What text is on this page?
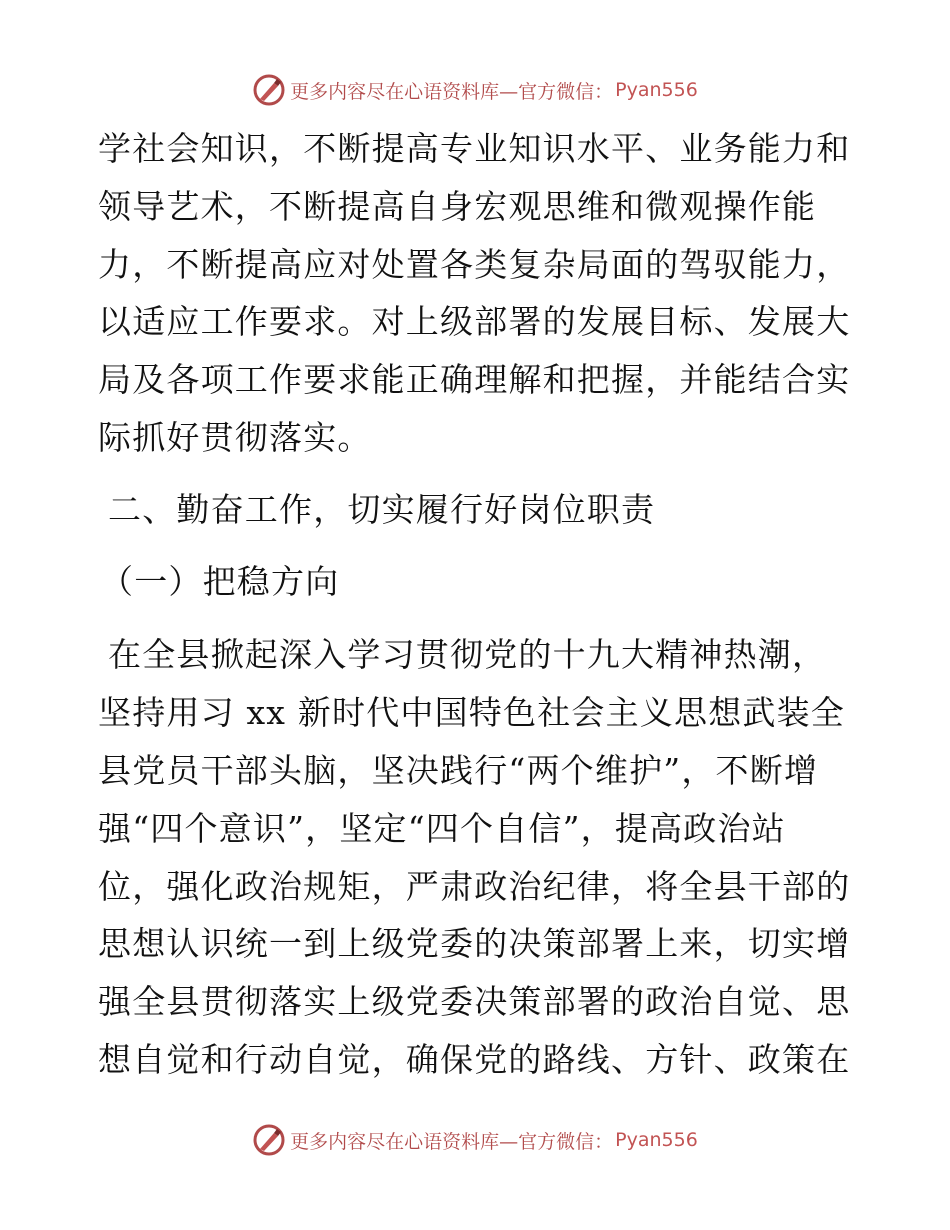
更多内容尽在心语资料库—官方微信： Pyan556
学社会知识，不断提高专业知识水平、业务能力和
领导艺术，不断提高自身宏观思维和微观操作能
力，不断提高应对处置各类复杂局面的驾驭能力，
以适应工作要求。对上级部署的发展目标、发展大
局及各项工作要求能正确理解和把握，并能结合实
际抓好贯彻落实。
二、勤奋工作，切实履行好岗位职责
（一）把稳方向
在全县掀起深入学习贯彻党的十九大精神热潮，
坚持用习 xx 新时代中国特色社会主义思想武装全
县党员干部头脑，坚决践行“两个维护”，不断增
强“四个意识”，坚定“四个自信”，提高政治站
位，强化政治规矩，严肃政治纪律，将全县干部的
思想认识统一到上级党委的决策部署上来，切实增
强全县贯彻落实上级党委决策部署的政治自觉、思
想自觉和行动自觉，确保党的路线、方针、政策在
更多内容尽在心语资料库—官方微信： Pyan556
